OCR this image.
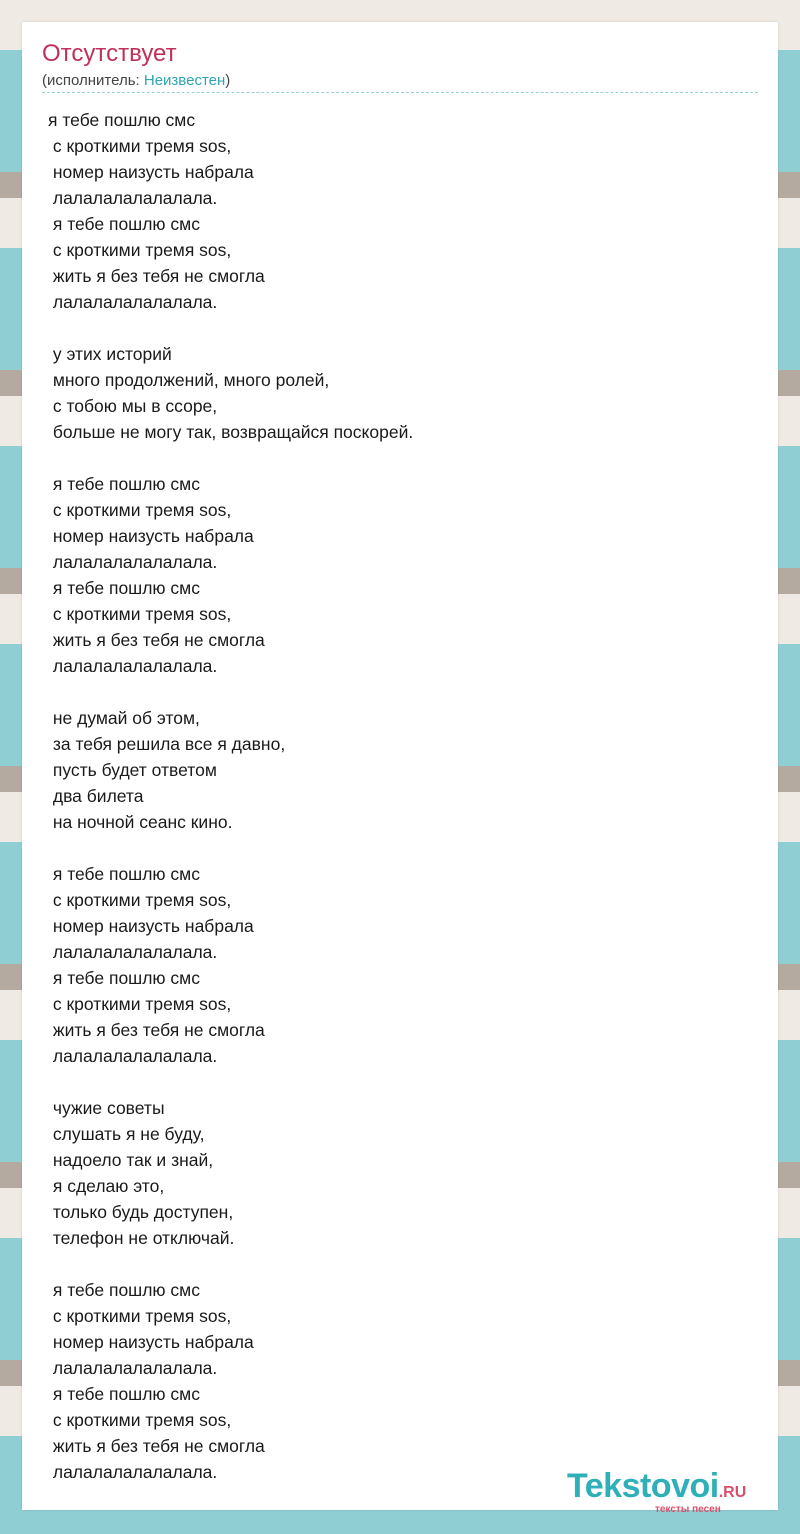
Отсутствует
(исполнитель: Неизвестен)
я тебе пошлю смс
с кроткими тремя sos,
номер наизусть набрала
лалалалалалалала.
я тебе пошлю смс
с кроткими тремя sos,
жить я без тебя не смогла
лалалалалалалала.
у этих историй
много продолжений, много ролей,
с тобою мы в ссоре,
больше не могу так, возвращайся поскорей.
я тебе пошлю смс
с кроткими тремя sos,
номер наизусть набрала
лалалалалалалала.
я тебе пошлю смс
с кроткими тремя sos,
жить я без тебя не смогла
лалалалалалалала.
не думай об этом,
за тебя решила все я давно,
пусть будет ответом
два билета
на ночной сеанс кино.
я тебе пошлю смс
с кроткими тремя sos,
номер наизусть набрала
лалалалалалалала.
я тебе пошлю смс
с кроткими тремя sos,
жить я без тебя не смогла
лалалалалалалала.
чужие советы
слушать я не буду,
надоело так и знай,
я сделаю это,
только будь доступен,
телефон не отключай.
я тебе пошлю смс
с кроткими тремя sos,
номер наизусть набрала
лалалалалалалала.
я тебе пошлю смс
с кроткими тремя sos,
жить я без тебя не смогла
лалалалалалалала.	Tekstovoi.RU
тексты песен
